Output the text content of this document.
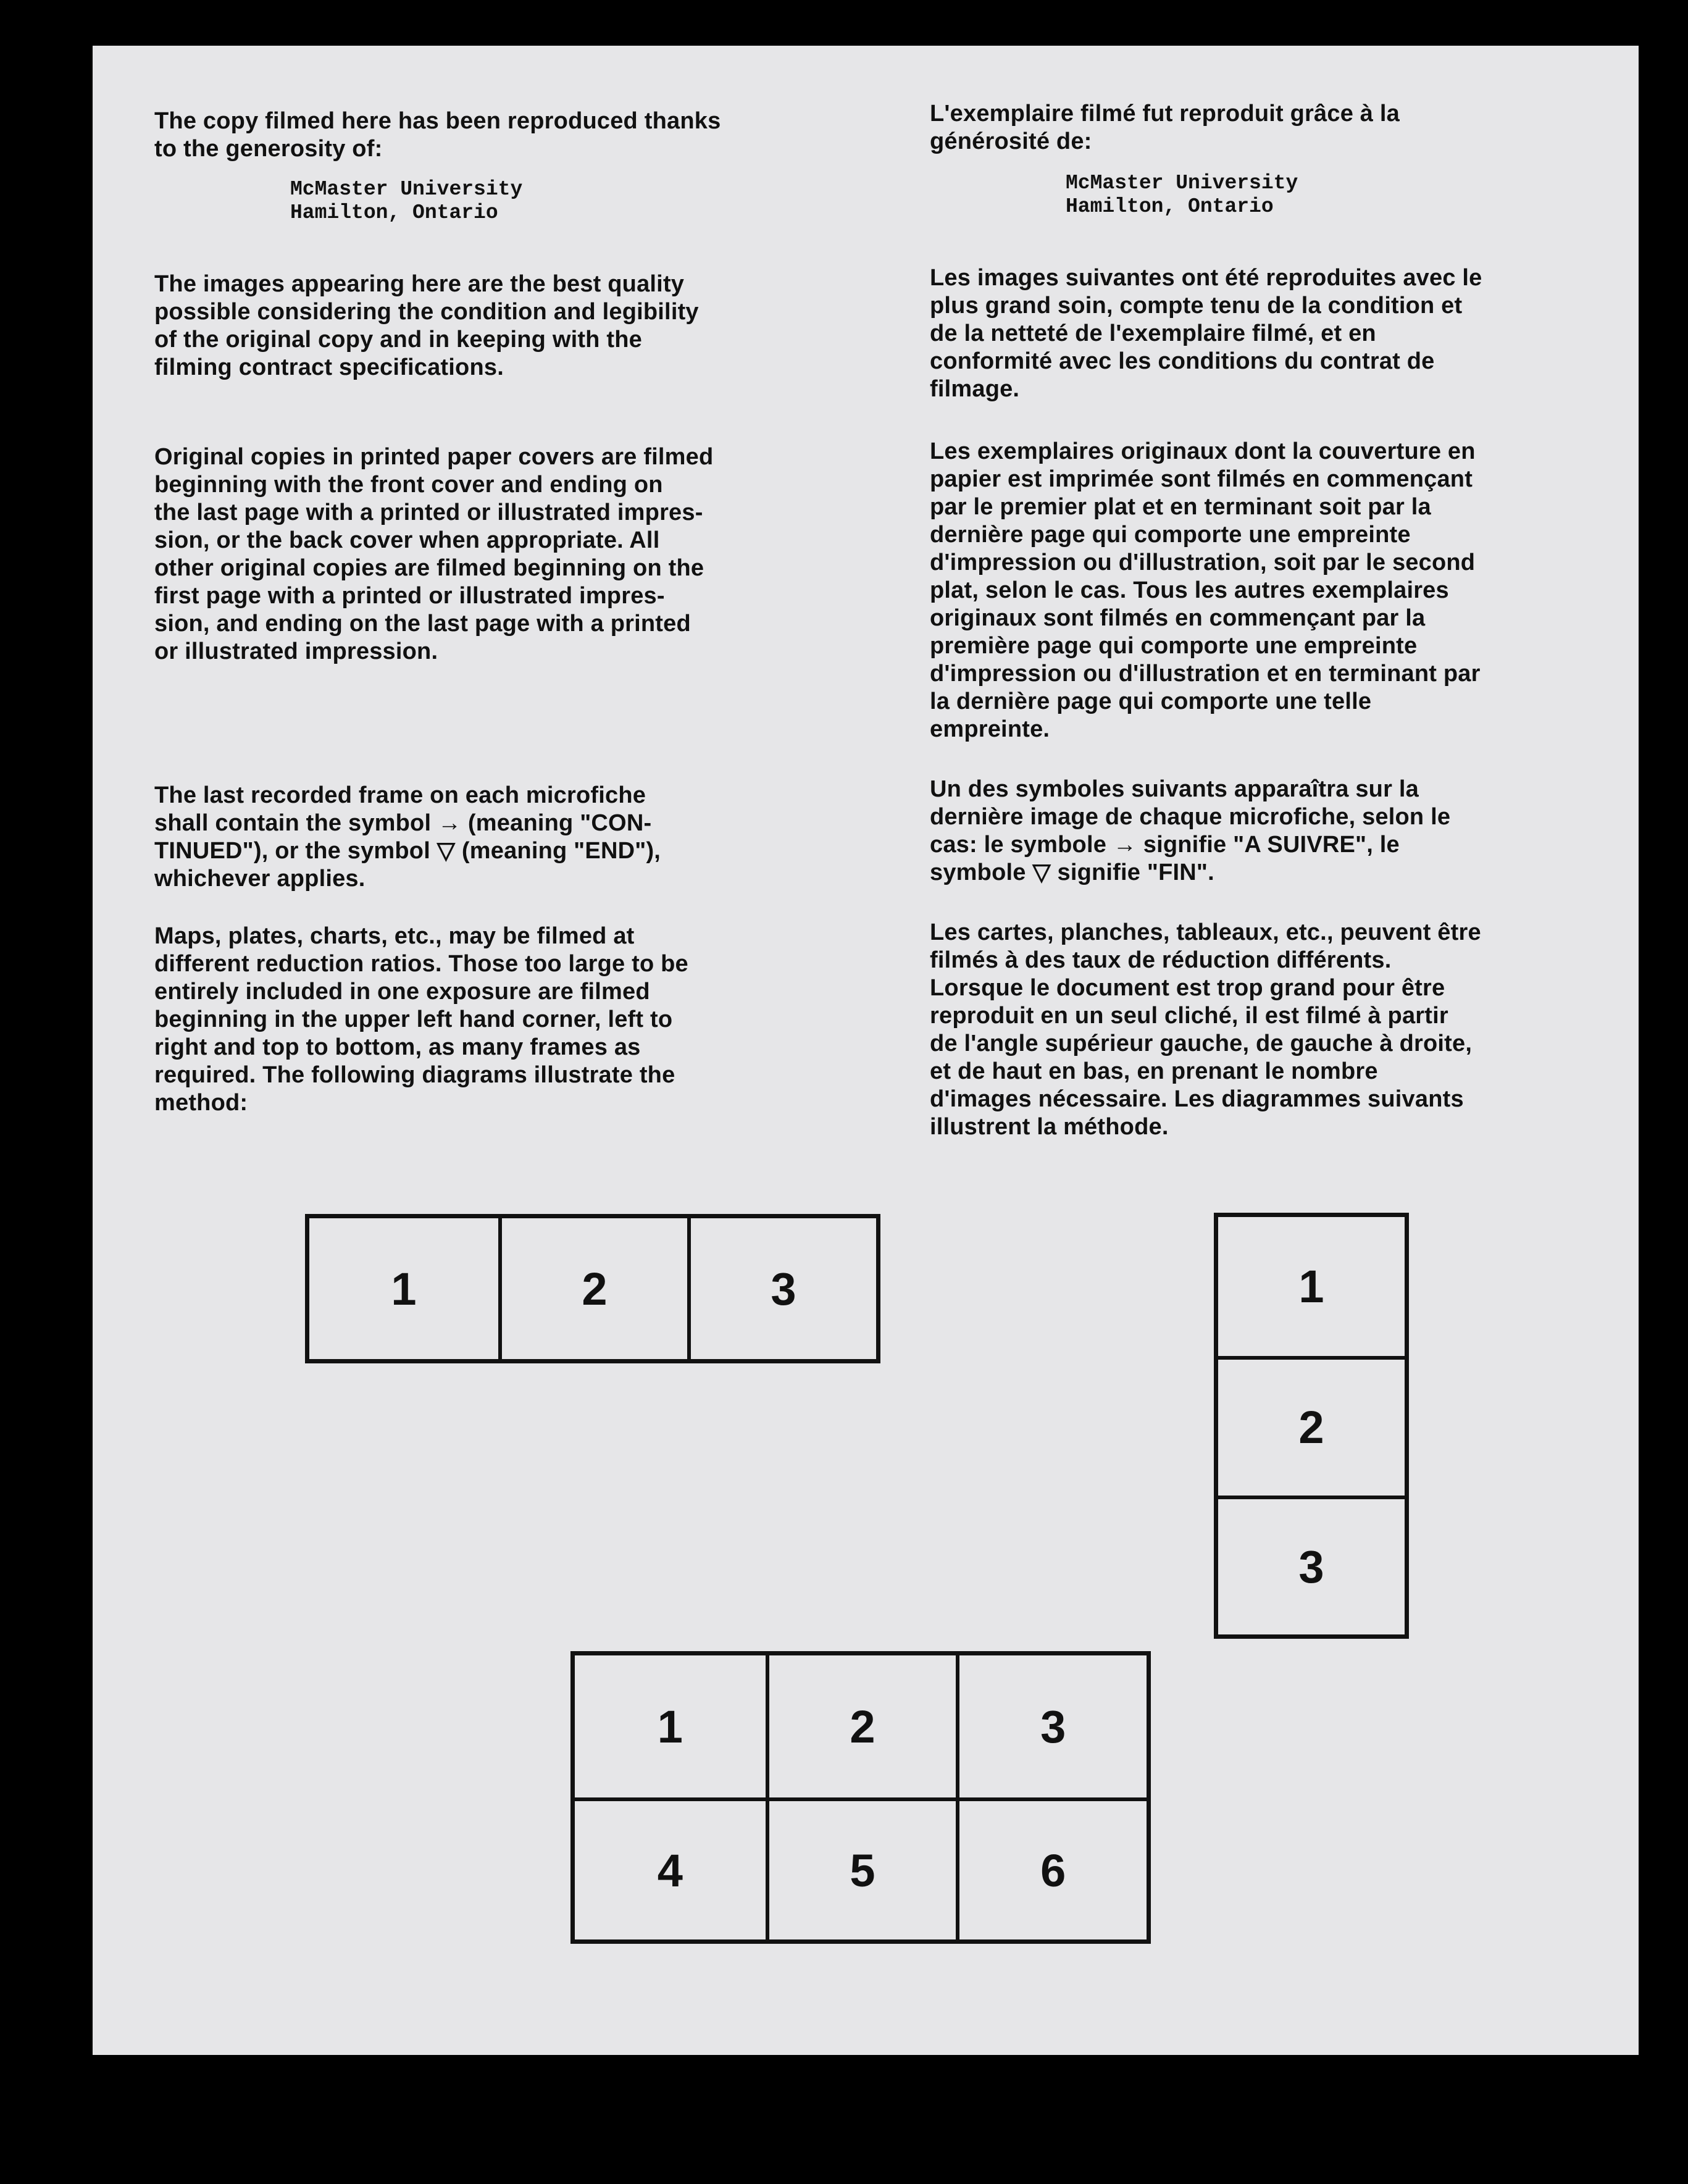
The copy filmed here has been reproduced thanks
to the generosity of:

McMaster University
Hamilton, Ontario

The images appearing here are the best quality
possible considering the condition and legibility
of the original copy and in keeping with the
filming contract specifications.

Original copies in printed paper covers are filmed
beginning with the front cover and ending on
the last page with a printed or illustrated impres-
sion, or the back cover when appropriate. All
other original copies are filmed beginning on the
first page with a printed or illustrated impres-
sion, and ending on the last page with a printed
or illustrated impression.

The last recorded frame on each microfiche
shall contain the symbol → (meaning "CON-
TINUED"), or the symbol ▽ (meaning "END"),
whichever applies.

Maps, plates, charts, etc., may be filmed at
different reduction ratios. Those too large to be
entirely included in one exposure are filmed
beginning in the upper left hand corner, left to
right and top to bottom, as many frames as
required. The following diagrams illustrate the
method:

L'exemplaire filmé fut reproduit grâce à la
générosité de:

McMaster University
Hamilton, Ontario

Les images suivantes ont été reproduites avec le
plus grand soin, compte tenu de la condition et
de la netteté de l'exemplaire filmé, et en
conformité avec les conditions du contrat de
filmage.

Les exemplaires originaux dont la couverture en
papier est imprimée sont filmés en commençant
par le premier plat et en terminant soit par la
dernière page qui comporte une empreinte
d'impression ou d'illustration, soit par le second
plat, selon le cas. Tous les autres exemplaires
originaux sont filmés en commençant par la
première page qui comporte une empreinte
d'impression ou d'illustration et en terminant par
la dernière page qui comporte une telle
empreinte.

Un des symboles suivants apparaîtra sur la
dernière image de chaque microfiche, selon le
cas: le symbole → signifie "A SUIVRE", le
symbole ▽ signifie "FIN".

Les cartes, planches, tableaux, etc., peuvent être
filmés à des taux de réduction différents.
Lorsque le document est trop grand pour être
reproduit en un seul cliché, il est filmé à partir
de l'angle supérieur gauche, de gauche à droite,
et de haut en bas, en prenant le nombre
d'images nécessaire. Les diagrammes suivants
illustrent la méthode.

1	2	3	1
2
3
1	2	3
4	5	6
